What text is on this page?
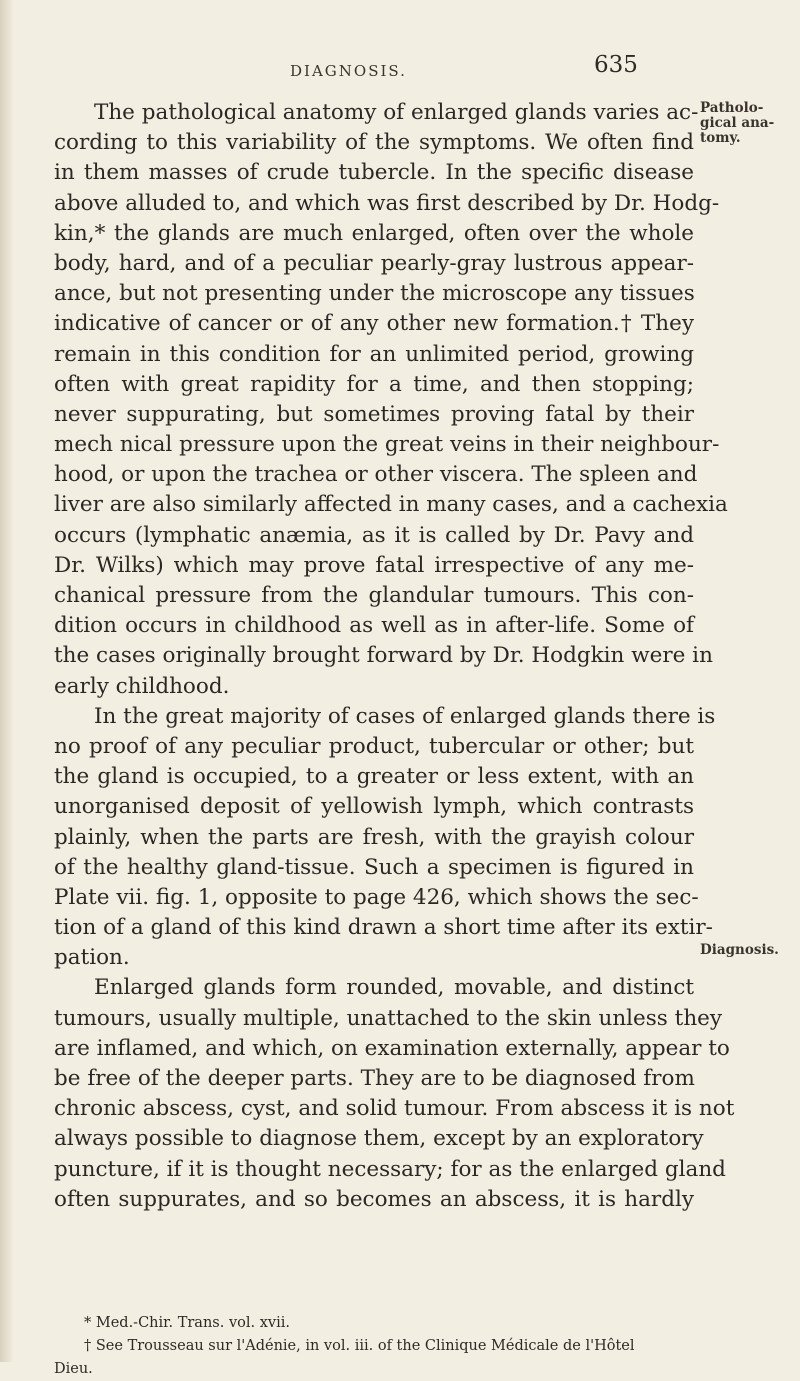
DIAGNOSIS.	635
Patholo-
gical ana-
tomy.
Diagnosis.
The pathological anatomy of enlarged glands varies ac-
cording to this variability of the symptoms. We often find
in them masses of crude tubercle. In the specific disease
above alluded to, and which was first described by Dr. Hodg-
kin,* the glands are much enlarged, often over the whole
body, hard, and of a peculiar pearly-gray lustrous appear-
ance, but not presenting under the microscope any tissues
indicative of cancer or of any other new formation.† They
remain in this condition for an unlimited period, growing
often with great rapidity for a time, and then stopping;
never suppurating, but sometimes proving fatal by their
mech nical pressure upon the great veins in their neighbour-
hood, or upon the trachea or other viscera. The spleen and
liver are also similarly affected in many cases, and a cachexia
occurs (lymphatic anæmia, as it is called by Dr. Pavy and
Dr. Wilks) which may prove fatal irrespective of any me-
chanical pressure from the glandular tumours. This con-
dition occurs in childhood as well as in after-life. Some of
the cases originally brought forward by Dr. Hodgkin were in
early childhood.
In the great majority of cases of enlarged glands there is
no proof of any peculiar product, tubercular or other; but
the gland is occupied, to a greater or less extent, with an
unorganised deposit of yellowish lymph, which contrasts
plainly, when the parts are fresh, with the grayish colour
of the healthy gland-tissue. Such a specimen is figured in
Plate vii. fig. 1, opposite to page 426, which shows the sec-
tion of a gland of this kind drawn a short time after its extir-
pation.
Enlarged glands form rounded, movable, and distinct
tumours, usually multiple, unattached to the skin unless they
are inflamed, and which, on examination externally, appear to
be free of the deeper parts. They are to be diagnosed from
chronic abscess, cyst, and solid tumour. From abscess it is not
always possible to diagnose them, except by an exploratory
puncture, if it is thought necessary; for as the enlarged gland
often suppurates, and so becomes an abscess, it is hardly
* Med.-Chir. Trans. vol. xvii.
† See Trousseau sur l'Adénie, in vol. iii. of the Clinique Médicale de l'Hôtel
Dieu.
